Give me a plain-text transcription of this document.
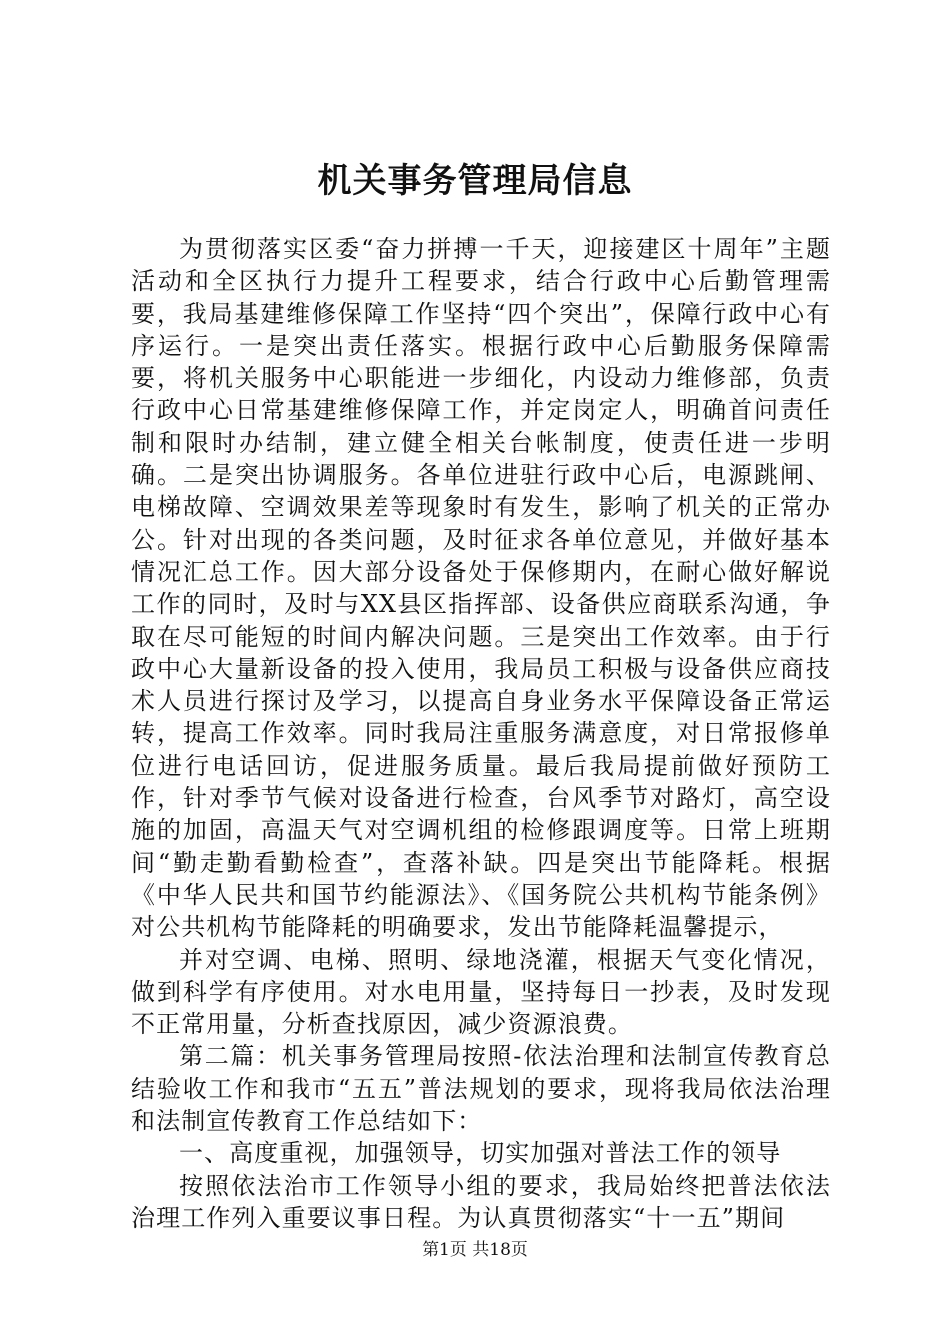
机关事务管理局信息

为贯彻落实区委“奋力拼搏一千天，迎接建区十周年”主题活动和全区执行力提升工程要求，结合行政中心后勤管理需要，我局基建维修保障工作坚持“四个突出”，保障行政中心有序运行。一是突出责任落实。根据行政中心后勤服务保障需要，将机关服务中心职能进一步细化，内设动力维修部，负责行政中心日常基建维修保障工作，并定岗定人，明确首问责任制和限时办结制，建立健全相关台帐制度，使责任进一步明确。二是突出协调服务。各单位进驻行政中心后，电源跳闸、电梯故障、空调效果差等现象时有发生，影响了机关的正常办公。针对出现的各类问题，及时征求各单位意见，并做好基本情况汇总工作。因大部分设备处于保修期内，在耐心做好解说工作的同时，及时与XX县区指挥部、设备供应商联系沟通，争取在尽可能短的时间内解决问题。三是突出工作效率。由于行政中心大量新设备的投入使用，我局员工积极与设备供应商技术人员进行探讨及学习，以提高自身业务水平保障设备正常运转，提高工作效率。同时我局注重服务满意度，对日常报修单位进行电话回访，促进服务质量。最后我局提前做好预防工作，针对季节气候对设备进行检查，台风季节对路灯，高空设施的加固，高温天气对空调机组的检修跟调度等。日常上班期间“勤走勤看勤检查”，查落补缺。四是突出节能降耗。根据《中华人民共和国节约能源法》、《国务院公共机构节能条例》对公共机构节能降耗的明确要求，发出节能降耗温馨提示，

并对空调、电梯、照明、绿地浇灌，根据天气变化情况，做到科学有序使用。对水电用量，坚持每日一抄表，及时发现不正常用量，分析查找原因，减少资源浪费。

第二篇：机关事务管理局按照-依法治理和法制宣传教育总结验收工作和我市“五五”普法规划的要求，现将我局依法治理和法制宣传教育工作总结如下：

一、高度重视，加强领导，切实加强对普法工作的领导

按照依法治市工作领导小组的要求，我局始终把普法依法治理工作列入重要议事日程。为认真贯彻落实“十一五”期间

第1页 共18页
